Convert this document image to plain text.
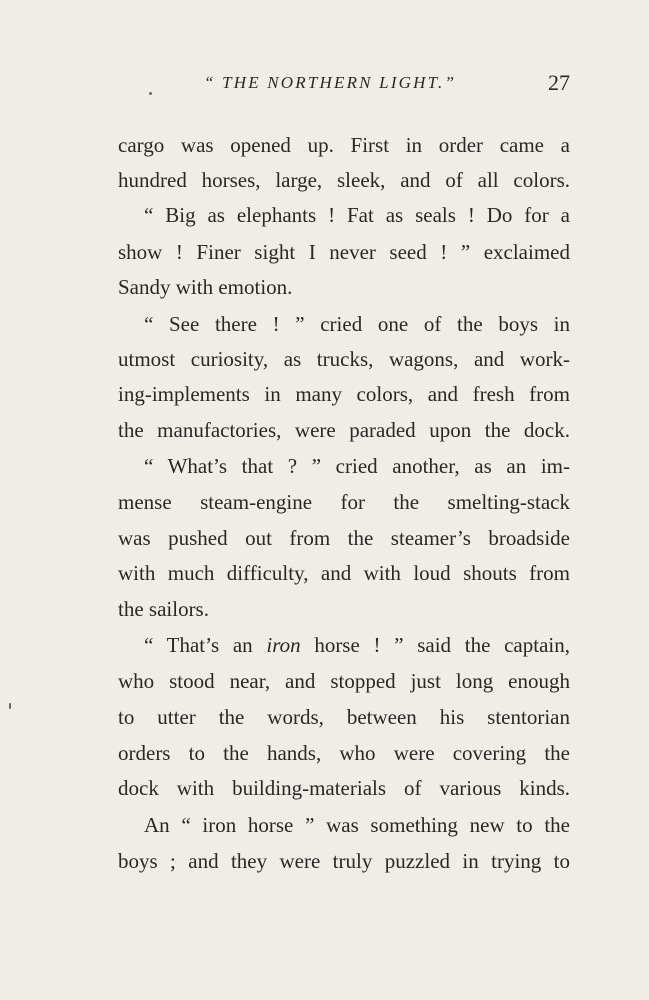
“ THE NORTHERN LIGHT.”	27
cargo was opened up. First in order came a
hundred horses, large, sleek, and of all colors.
“ Big as elephants ! Fat as seals ! Do for a
show ! Finer sight I never seed ! ” exclaimed
Sandy with emotion.
“ See there ! ” cried one of the boys in
utmost curiosity, as trucks, wagons, and work-
ing-implements in many colors, and fresh from
the manufactories, were paraded upon the dock.
“ What’s that ? ” cried another, as an im-
mense steam-engine for the smelting-stack
was pushed out from the steamer’s broadside
with much difficulty, and with loud shouts from
the sailors.
“ That’s an iron horse ! ” said the captain,
who stood near, and stopped just long enough
to utter the words, between his stentorian
orders to the hands, who were covering the
dock with building-materials of various kinds.
An “ iron horse ” was something new to the
boys ; and they were truly puzzled in trying to
